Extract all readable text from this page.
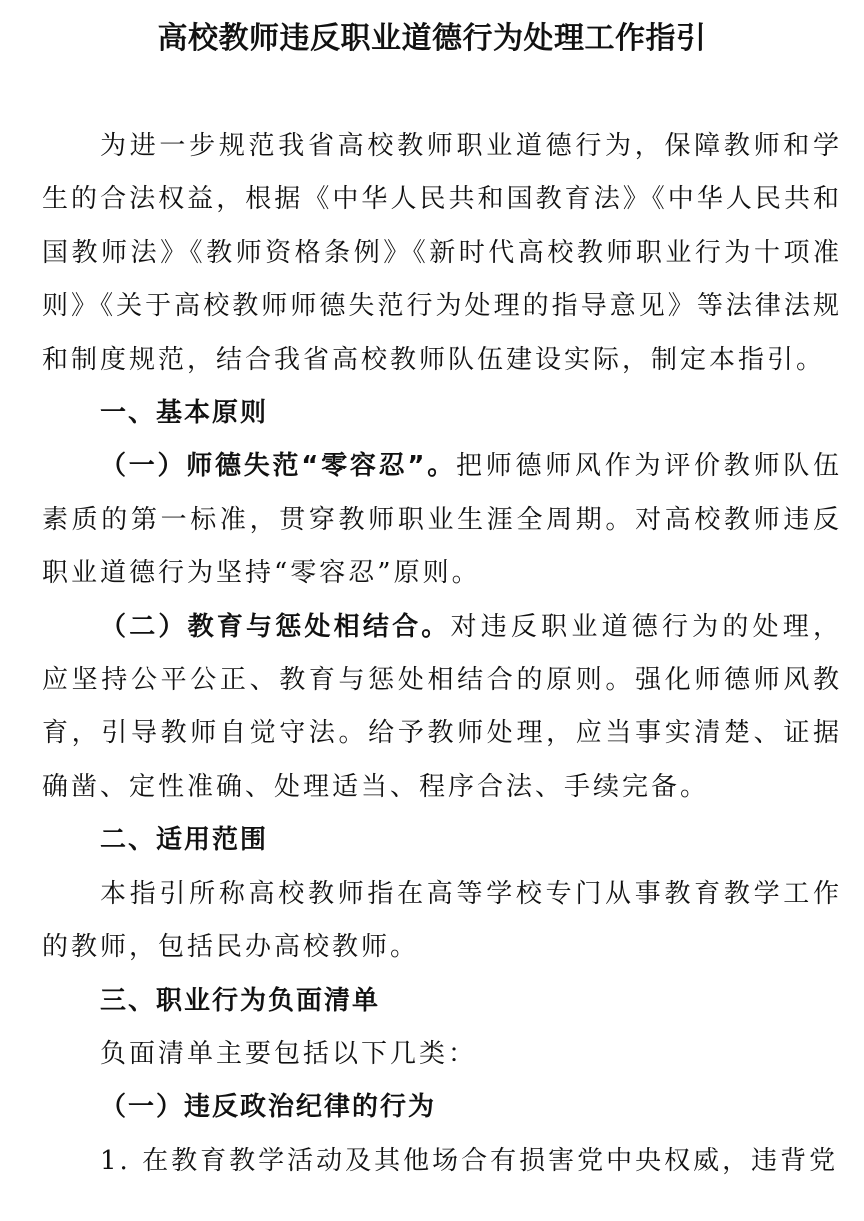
高校教师违反职业道德行为处理工作指引

为进一步规范我省高校教师职业道德行为，保障教师和学生的合法权益，根据《中华人民共和国教育法》《中华人民共和国教师法》《教师资格条例》《新时代高校教师职业行为十项准则》《关于高校教师师德失范行为处理的指导意见》等法律法规和制度规范，结合我省高校教师队伍建设实际，制定本指引。

一、基本原则

（一）师德失范“零容忍”。把师德师风作为评价教师队伍素质的第一标准，贯穿教师职业生涯全周期。对高校教师违反职业道德行为坚持“零容忍”原则。

（二）教育与惩处相结合。对违反职业道德行为的处理，应坚持公平公正、教育与惩处相结合的原则。强化师德师风教育，引导教师自觉守法。给予教师处理，应当事实清楚、证据确凿、定性准确、处理适当、程序合法、手续完备。

二、适用范围

本指引所称高校教师指在高等学校专门从事教育教学工作的教师，包括民办高校教师。

三、职业行为负面清单

负面清单主要包括以下几类：

（一）违反政治纪律的行为

1. 在教育教学活动及其他场合有损害党中央权威，违背党
